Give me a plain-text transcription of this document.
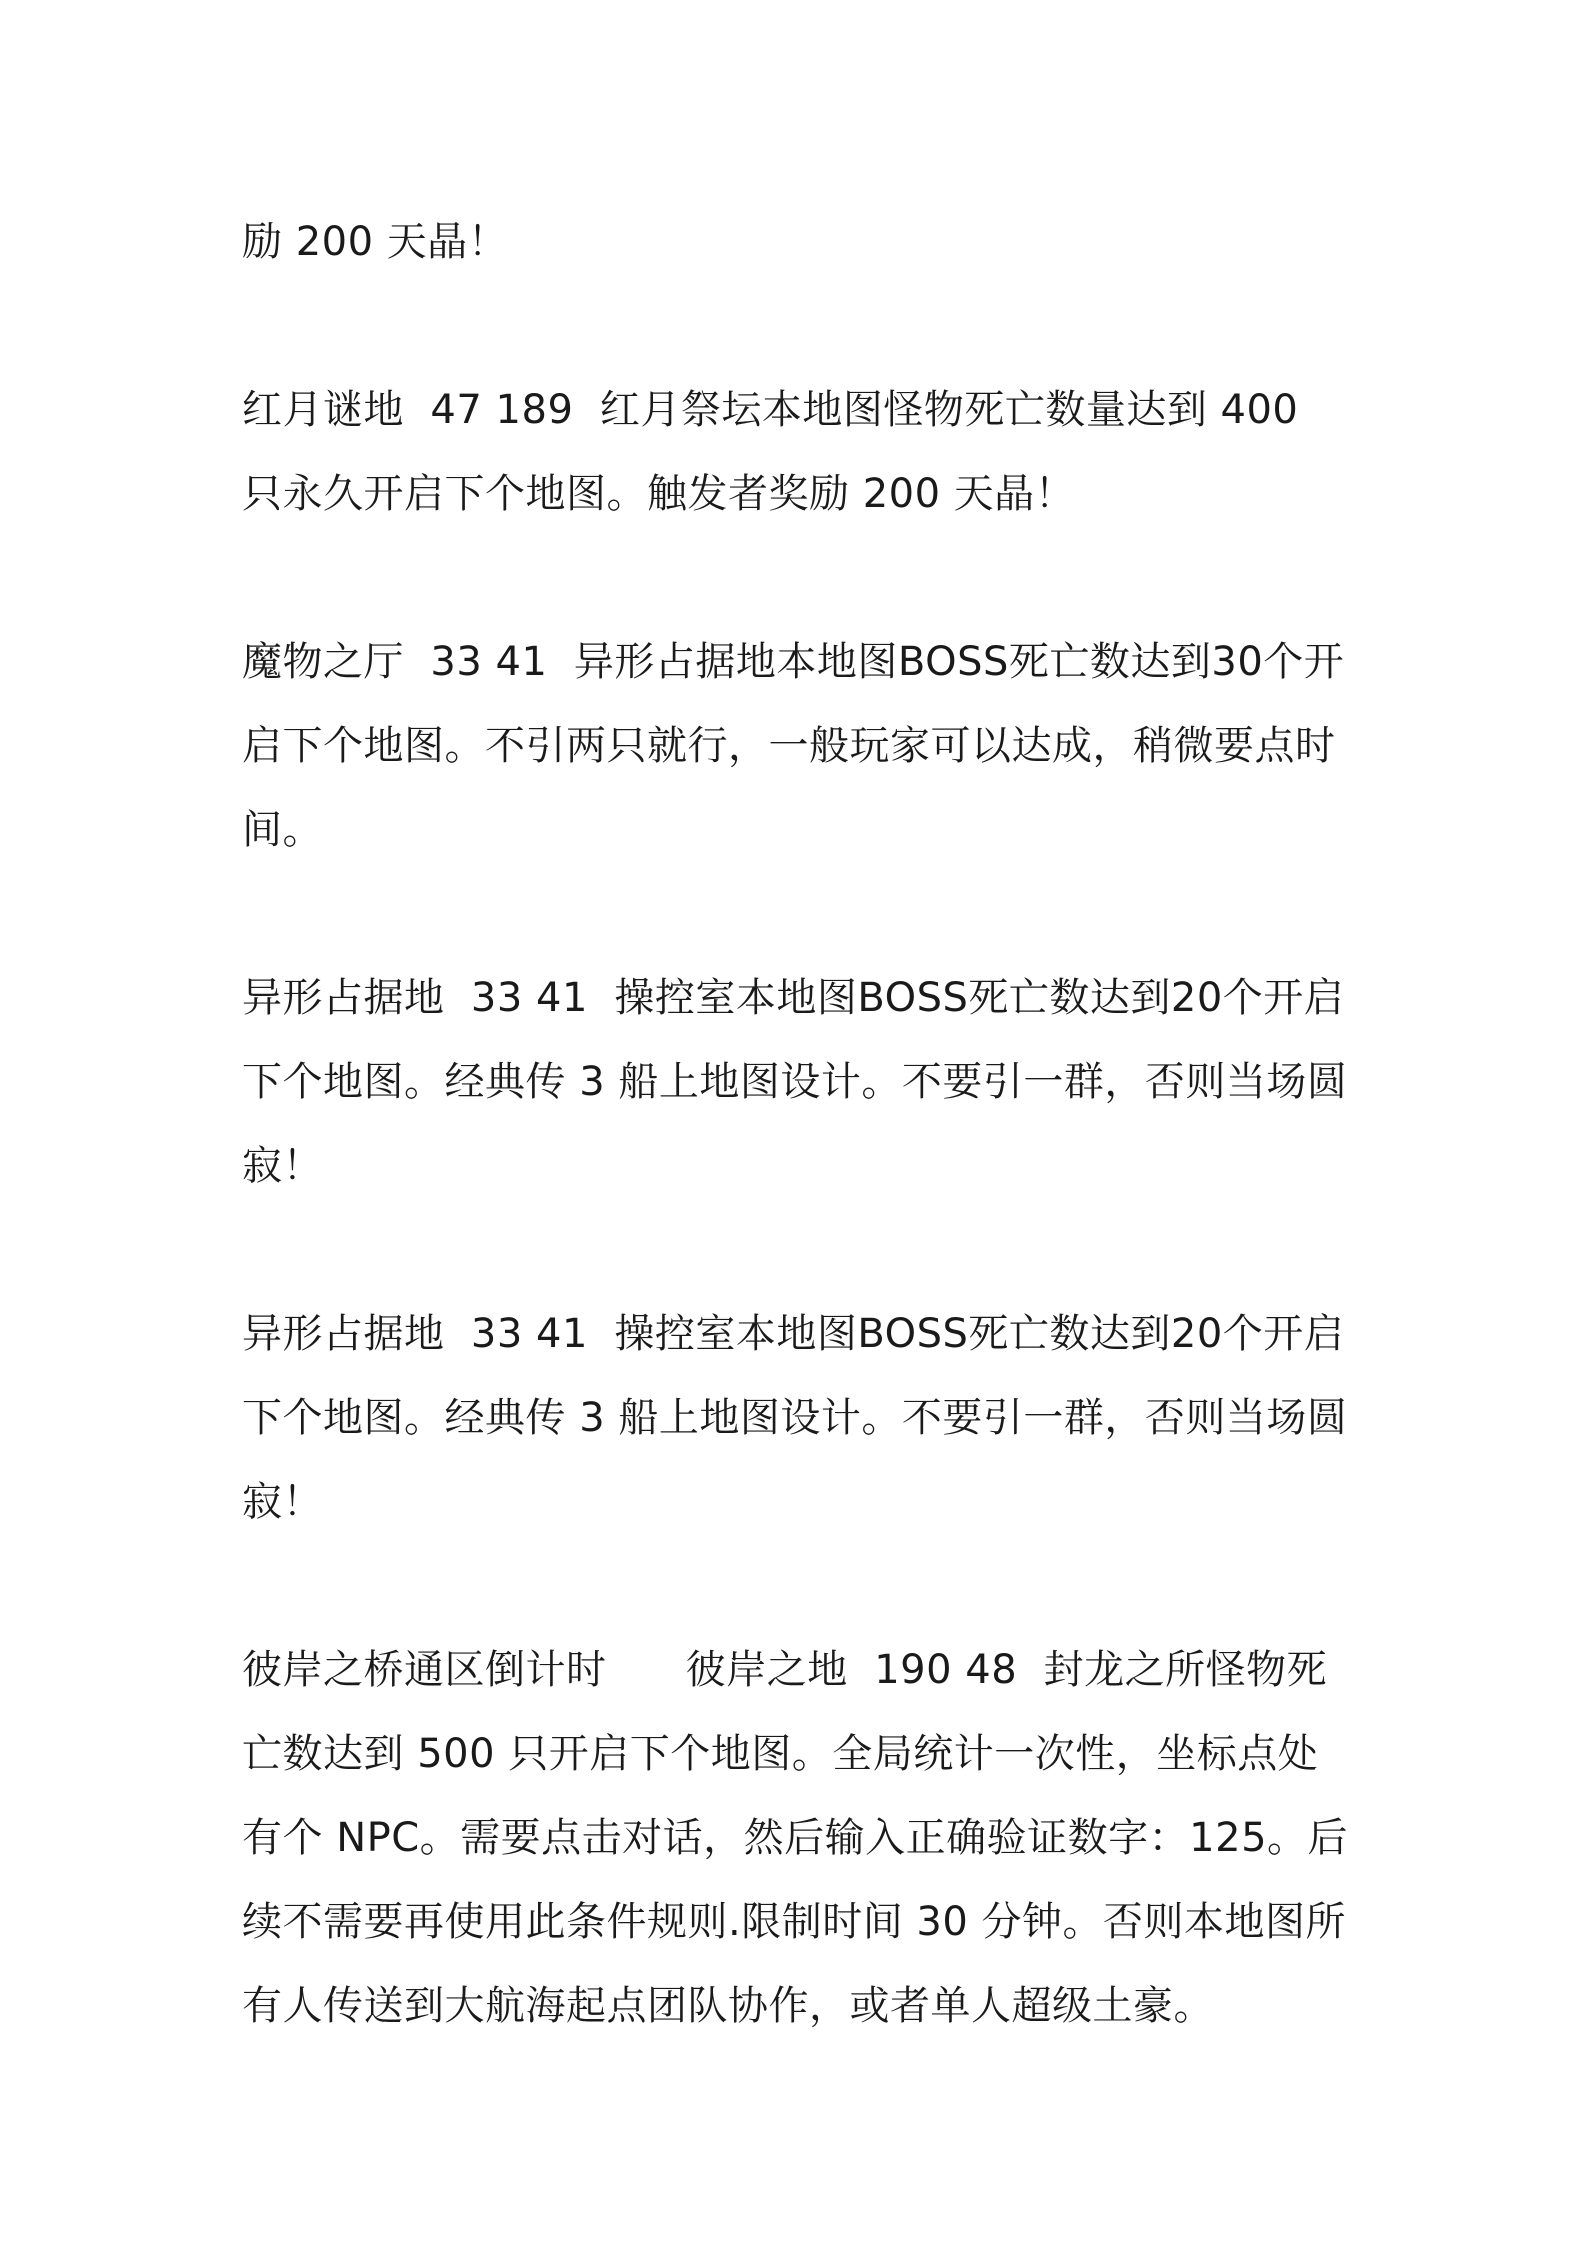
励 200 天晶！

红月谜地  47 189  红月祭坛本地图怪物死亡数量达到 400 只永久开启下个地图。触发者奖励 200 天晶！

魔物之厅  33 41  异形占据地本地图BOSS死亡数达到30个开启下个地图。不引两只就行，一般玩家可以达成，稍微要点时间。

异形占据地  33 41  操控室本地图BOSS死亡数达到20个开启下个地图。经典传 3 船上地图设计。不要引一群，否则当场圆寂！

异形占据地  33 41  操控室本地图BOSS死亡数达到20个开启下个地图。经典传 3 船上地图设计。不要引一群，否则当场圆寂！

彼岸之桥通区倒计时      彼岸之地  190 48  封龙之所怪物死亡数达到 500 只开启下个地图。全局统计一次性，坐标点处有个 NPC。需要点击对话，然后输入正确验证数字：125。后续不需要再使用此条件规则.限制时间 30 分钟。否则本地图所有人传送到大航海起点团队协作，或者单人超级土豪。
